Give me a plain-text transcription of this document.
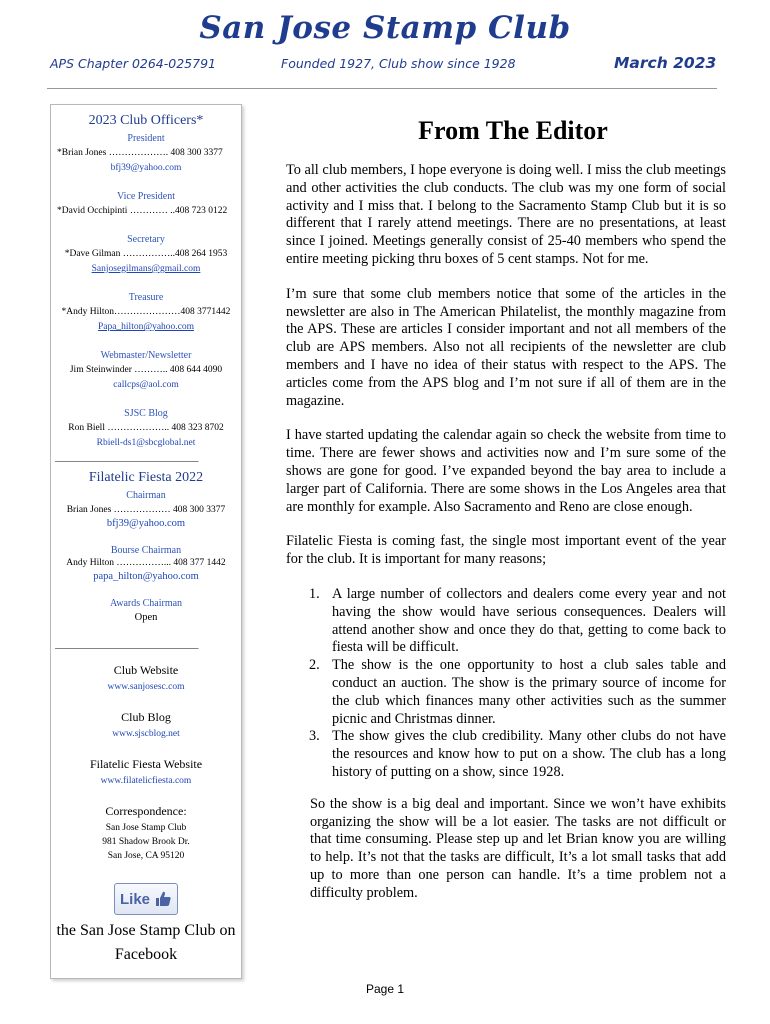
San Jose Stamp Club
APS Chapter 0264-025791	Founded 1927, Club show since 1928	March 2023
2023 Club Officers*
President
*Brian Jones ………………. 408 300 3377
bfj39@yahoo.com
Vice President
*David Occhipinti ………… ..408 723 0122
Secretary
*Dave Gilman ……………..408 264 1953
Sanjosegilmans@gmail.com
Treasure
*Andy Hilton…………………408 3771442
Papa_hilton@yahoo.com
Webmaster/Newsletter
Jim Steinwinder ……….. 408 644 4090
callcps@aol.com
SJSC Blog
Ron Biell ……………….. 408 323 8702
Rbiell-ds1@sbcglobal.net
______________________________________
Filatelic Fiesta 2022
Chairman
Brian Jones ……………… 408 300 3377
bfj39@yahoo.com
Bourse Chairman
Andy Hilton ……………... 408 377 1442
papa_hilton@yahoo.com
Awards Chairman
Open
______________________________________
Club Website
www.sanjosesc.com
Club Blog
www.sjscblog.net
Filatelic Fiesta Website
www.filatelicfiesta.com
Correspondence:
San Jose Stamp Club
981 Shadow Brook Dr.
San Jose, CA 95120
Like
the San Jose Stamp Club on Facebook
From The Editor

To all club members, I hope everyone is doing well. I miss the club meetings and other activities the club conducts. The club was my one form of social activity and I miss that. I belong to the Sacramento Stamp Club but it is so different that I rarely attend meetings. There are no presentations, at least since I joined. Meetings generally consist of 25-40 members who spend the entire meeting picking thru boxes of 5 cent stamps. Not for me.

I’m sure that some club members notice that some of the articles in the newsletter are also in The American Philatelist, the monthly magazine from the APS. These are articles I consider important and not all members of the club are APS members. Also not all recipients of the newsletter are club members and I have no idea of their status with respect to the APS. The articles come from the APS blog and I’m not sure if all of them are in the magazine.

I have started updating the calendar again so check the website from time to time. There are fewer shows and activities now and I’m sure some of the shows are gone for good. I’ve expanded beyond the bay area to include a larger part of California. There are some shows in the Los Angeles area that are monthly for example. Also Sacramento and Reno are close enough.

Filatelic Fiesta is coming fast, the single most important event of the year for the club. It is important for many reasons;

1. A large number of collectors and dealers come every year and not having the show would have serious consequences. Dealers will attend another show and once they do that, getting to come back to fiesta will be difficult.
2. The show is the one opportunity to host a club sales table and conduct an auction. The show is the primary source of income for the club which finances many other activities such as the summer picnic and Christmas dinner.
3. The show gives the club credibility. Many other clubs do not have the resources and know how to put on a show. The club has a long history of putting on a show, since 1928.

So the show is a big deal and important. Since we won’t have exhibits organizing the show will be a lot easier. The tasks are not difficult or that time consuming. Please step up and let Brian know you are willing to help. It’s not that the tasks are difficult, It’s a lot small tasks that add up to more than one person can handle. It’s a time problem not a difficulty problem.

Page 1
